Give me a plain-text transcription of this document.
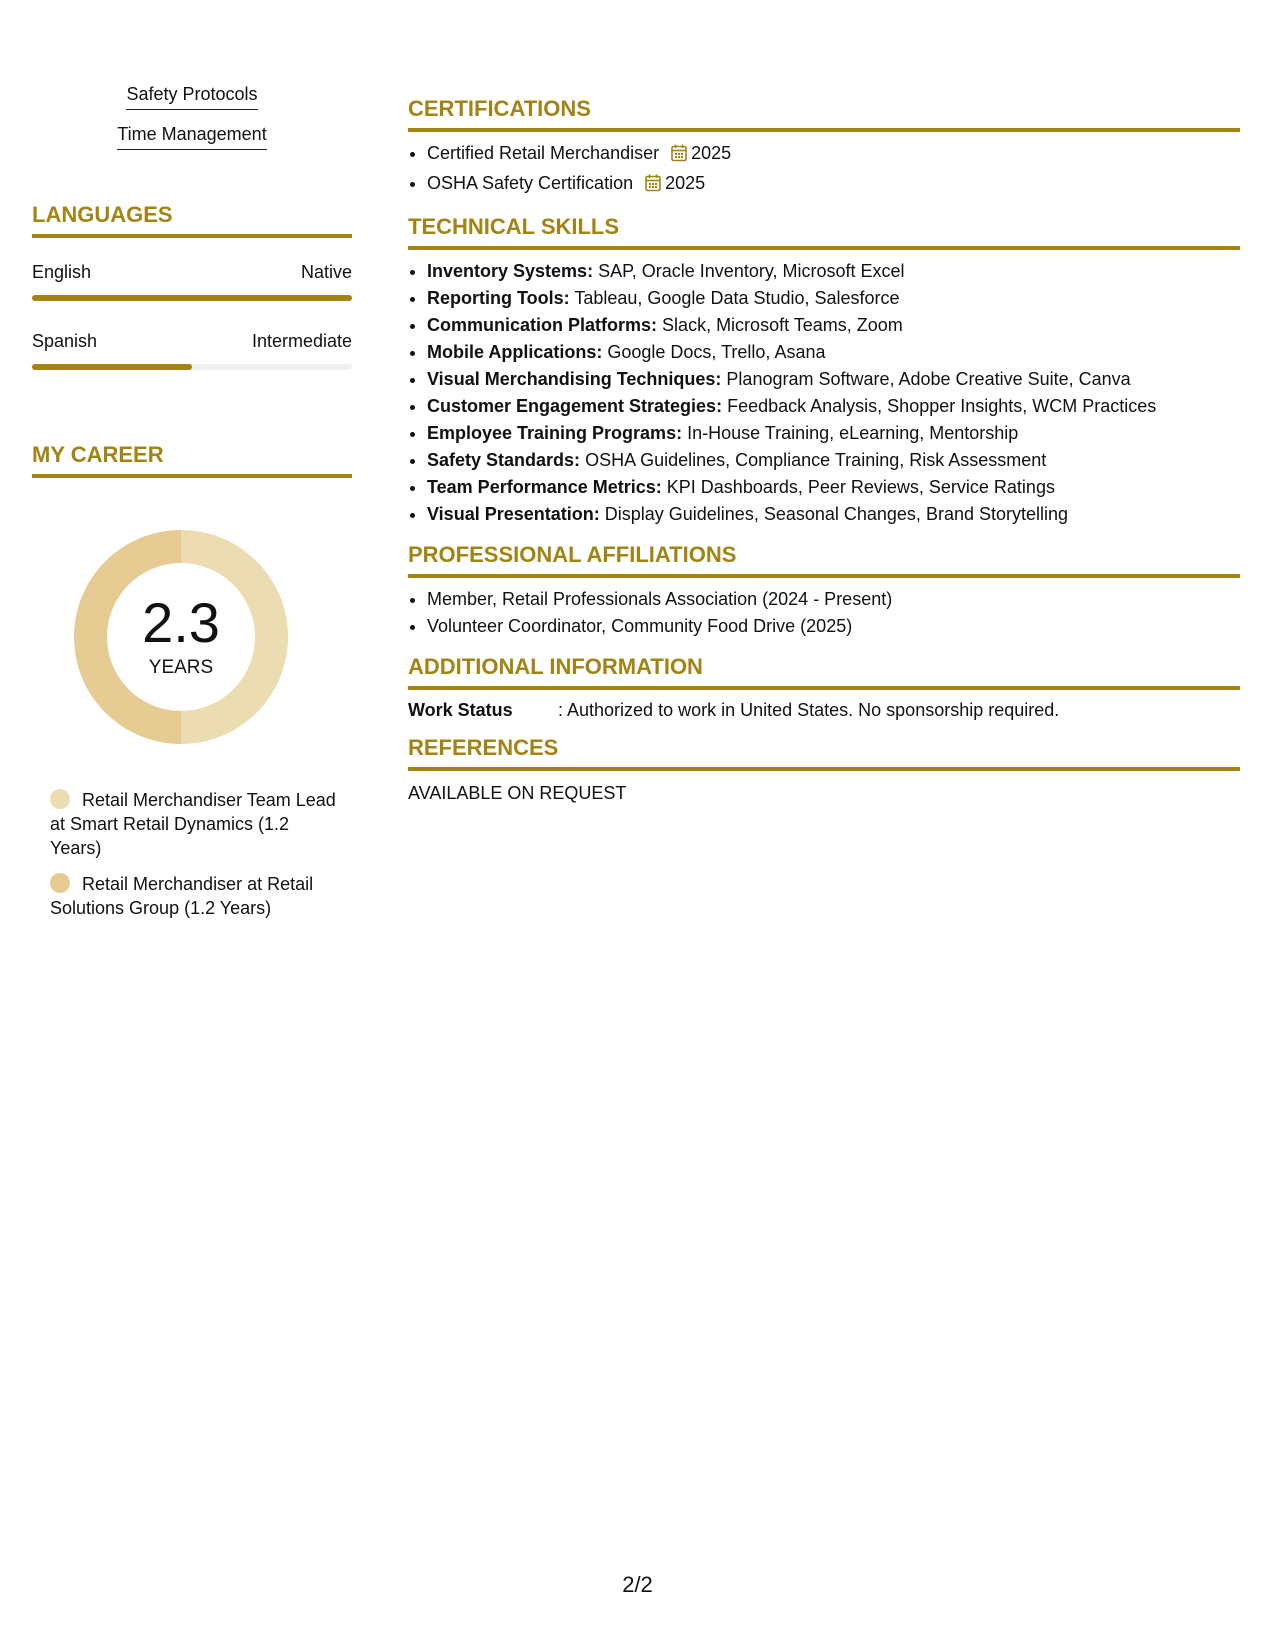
Safety Protocols
Time Management
LANGUAGES
English	Native
Spanish	Intermediate
MY CAREER
2.3
YEARS
Retail Merchandiser Team Lead at Smart Retail Dynamics (1.2 Years)
Retail Merchandiser at Retail Solutions Group (1.2 Years)
CERTIFICATIONS
• Certified Retail Merchandiser 2025
• OSHA Safety Certification 2025
TECHNICAL SKILLS
• Inventory Systems: SAP, Oracle Inventory, Microsoft Excel
• Reporting Tools: Tableau, Google Data Studio, Salesforce
• Communication Platforms: Slack, Microsoft Teams, Zoom
• Mobile Applications: Google Docs, Trello, Asana
• Visual Merchandising Techniques: Planogram Software, Adobe Creative Suite, Canva
• Customer Engagement Strategies: Feedback Analysis, Shopper Insights, WCM Practices
• Employee Training Programs: In-House Training, eLearning, Mentorship
• Safety Standards: OSHA Guidelines, Compliance Training, Risk Assessment
• Team Performance Metrics: KPI Dashboards, Peer Reviews, Service Ratings
• Visual Presentation: Display Guidelines, Seasonal Changes, Brand Storytelling
PROFESSIONAL AFFILIATIONS
• Member, Retail Professionals Association (2024 - Present)
• Volunteer Coordinator, Community Food Drive (2025)
ADDITIONAL INFORMATION
Work Status	: Authorized to work in United States. No sponsorship required.
REFERENCES
AVAILABLE ON REQUEST
2/2
